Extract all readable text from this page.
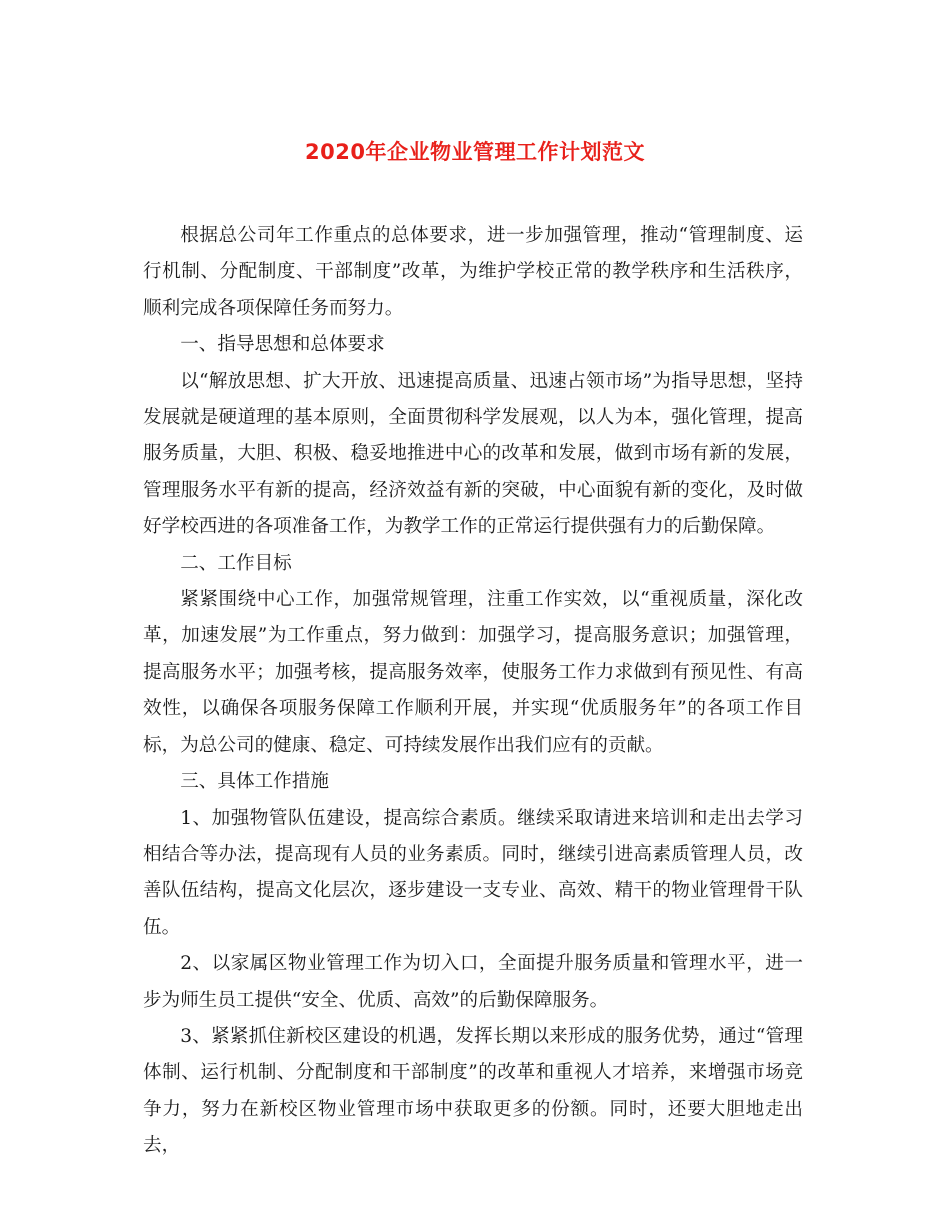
2020年企业物业管理工作计划范文

根据总公司年工作重点的总体要求，进一步加强管理，推动“管理制度、运行机制、分配制度、干部制度”改革，为维护学校正常的教学秩序和生活秩序，顺利完成各项保障任务而努力。

一、指导思想和总体要求

以“解放思想、扩大开放、迅速提高质量、迅速占领市场”为指导思想，坚持发展就是硬道理的基本原则，全面贯彻科学发展观，以人为本，强化管理，提高服务质量，大胆、积极、稳妥地推进中心的改革和发展，做到市场有新的发展，管理服务水平有新的提高，经济效益有新的突破，中心面貌有新的变化，及时做好学校西进的各项准备工作，为教学工作的正常运行提供强有力的后勤保障。

二、工作目标

紧紧围绕中心工作，加强常规管理，注重工作实效，以“重视质量，深化改革，加速发展”为工作重点，努力做到：加强学习，提高服务意识；加强管理，提高服务水平；加强考核，提高服务效率，使服务工作力求做到有预见性、有高效性，以确保各项服务保障工作顺利开展，并实现“优质服务年”的各项工作目标，为总公司的健康、稳定、可持续发展作出我们应有的贡献。

三、具体工作措施

1、加强物管队伍建设，提高综合素质。继续采取请进来培训和走出去学习相结合等办法，提高现有人员的业务素质。同时，继续引进高素质管理人员，改善队伍结构，提高文化层次，逐步建设一支专业、高效、精干的物业管理骨干队伍。

2、以家属区物业管理工作为切入口，全面提升服务质量和管理水平，进一步为师生员工提供“安全、优质、高效”的后勤保障服务。

3、紧紧抓住新校区建设的机遇，发挥长期以来形成的服务优势，通过“管理体制、运行机制、分配制度和干部制度”的改革和重视人才培养，来增强市场竞争力，努力在新校区物业管理市场中获取更多的份额。同时，还要大胆地走出去，
